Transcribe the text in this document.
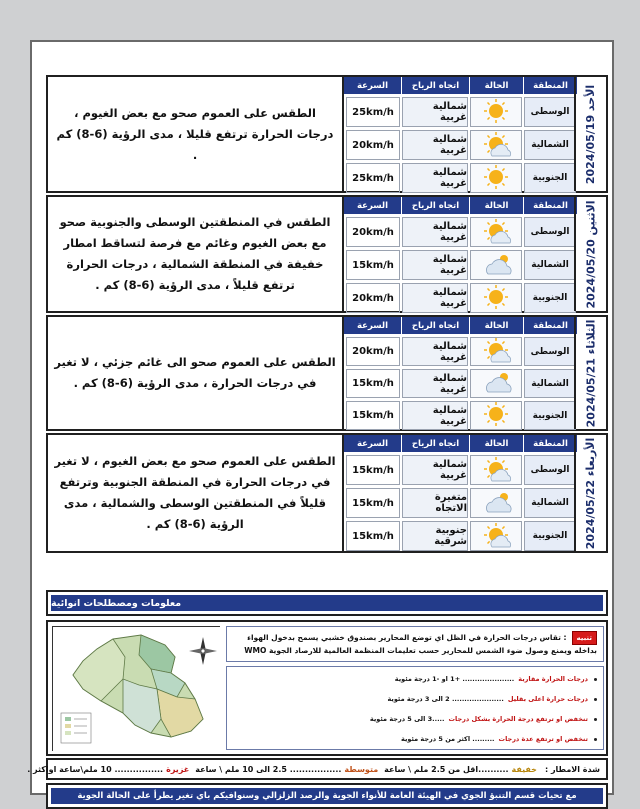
الطقس على العموم صحو مع بعض الغيوم ، درجات الحرارة ترتفع قليلا ، مدى الرؤية (6-8) كم .
السرعة	اتجاه الرياح	الحالة	المنطقة
25km/h	شمالية غربية	الوسطى
20km/h	شمالية غربية	الشمالية
25km/h	شمالية غربية	الجنوبية	الأحد 2024/05/19
الطقس في المنطقتين الوسطى والجنوبية صحو مع بعض الغيوم وغائم مع فرصة لتساقط امطار خفيفة في المنطقة الشمالية ، درجات الحرارة ترتفع قليلاً ، مدى الرؤية (6-8) كم .
السرعة	اتجاه الرياح	الحالة	المنطقة
20km/h	شمالية غربية	الوسطى
15km/h	شمالية غربية	الشمالية
20km/h	شمالية غربية	الجنوبية	الاثنين 2024/05/20
الطقس على العموم صحو الى غائم جزئي ، لا تغير في درجات الحرارة ، مدى الرؤية (6-8) كم .
السرعة	اتجاه الرياح	الحالة	المنطقة
20km/h	شمالية غربية	الوسطى
15km/h	شمالية غربية	الشمالية
15km/h	شمالية غربية	الجنوبية	الثلاثاء 2024/05/21
الطقس على العموم صحو مع بعض الغيوم ، لا تغير في درجات الحرارة في المنطقة الجنوبية وترتفع قليلاً في المنطقتين الوسطى والشمالية ، مدى الرؤية (6-8) كم .
السرعة	اتجاه الرياح	الحالة	المنطقة
15km/h	شمالية غربية	الوسطى
15km/h	متغيرة الاتجاه	الشمالية
15km/h	جنوبية شرقية	الجنوبية	الأربعاء 2024/05/22
معلومات ومصطلحات انوائية
تنبيه: تقاس درجات الحرارة في الظل اي توضع المحارير بصندوق خشبي يسمح بدخول الهواء بداخله ويمنع وصول ضوء الشمس للمحارير حسب تعليمات المنظمة العالمية للارصاد الجوية WMO
درجات الحرارة مقاربة
..................... +1 او -1 درجة مئوية
درجات حرارة اعلى بقليل
..................... 2 الى 3 درجة مئوية
تنخفض او ترتفع درجة الحرارة بشكل درجات
.....3 الى 5 درجة مئوية
تنخفض او ترتفع عدة درجات
......... اكثر من 5 درجة مئوية
شدة الامطار :
خفيفة
..........اقل من 2.5 ملم \ ساعة
متوسطة
................. 2.5 الى 10 ملم \ ساعة
غزيرة
................ 10 ملم\ساعة اواكثر .
مع تحيات قسم التنبؤ الجوي في الهيئة العامة للأنواء الجوية والرصد الزلزالي وسنوافيكم باي تغير يطرأ على الحالة الجوية
